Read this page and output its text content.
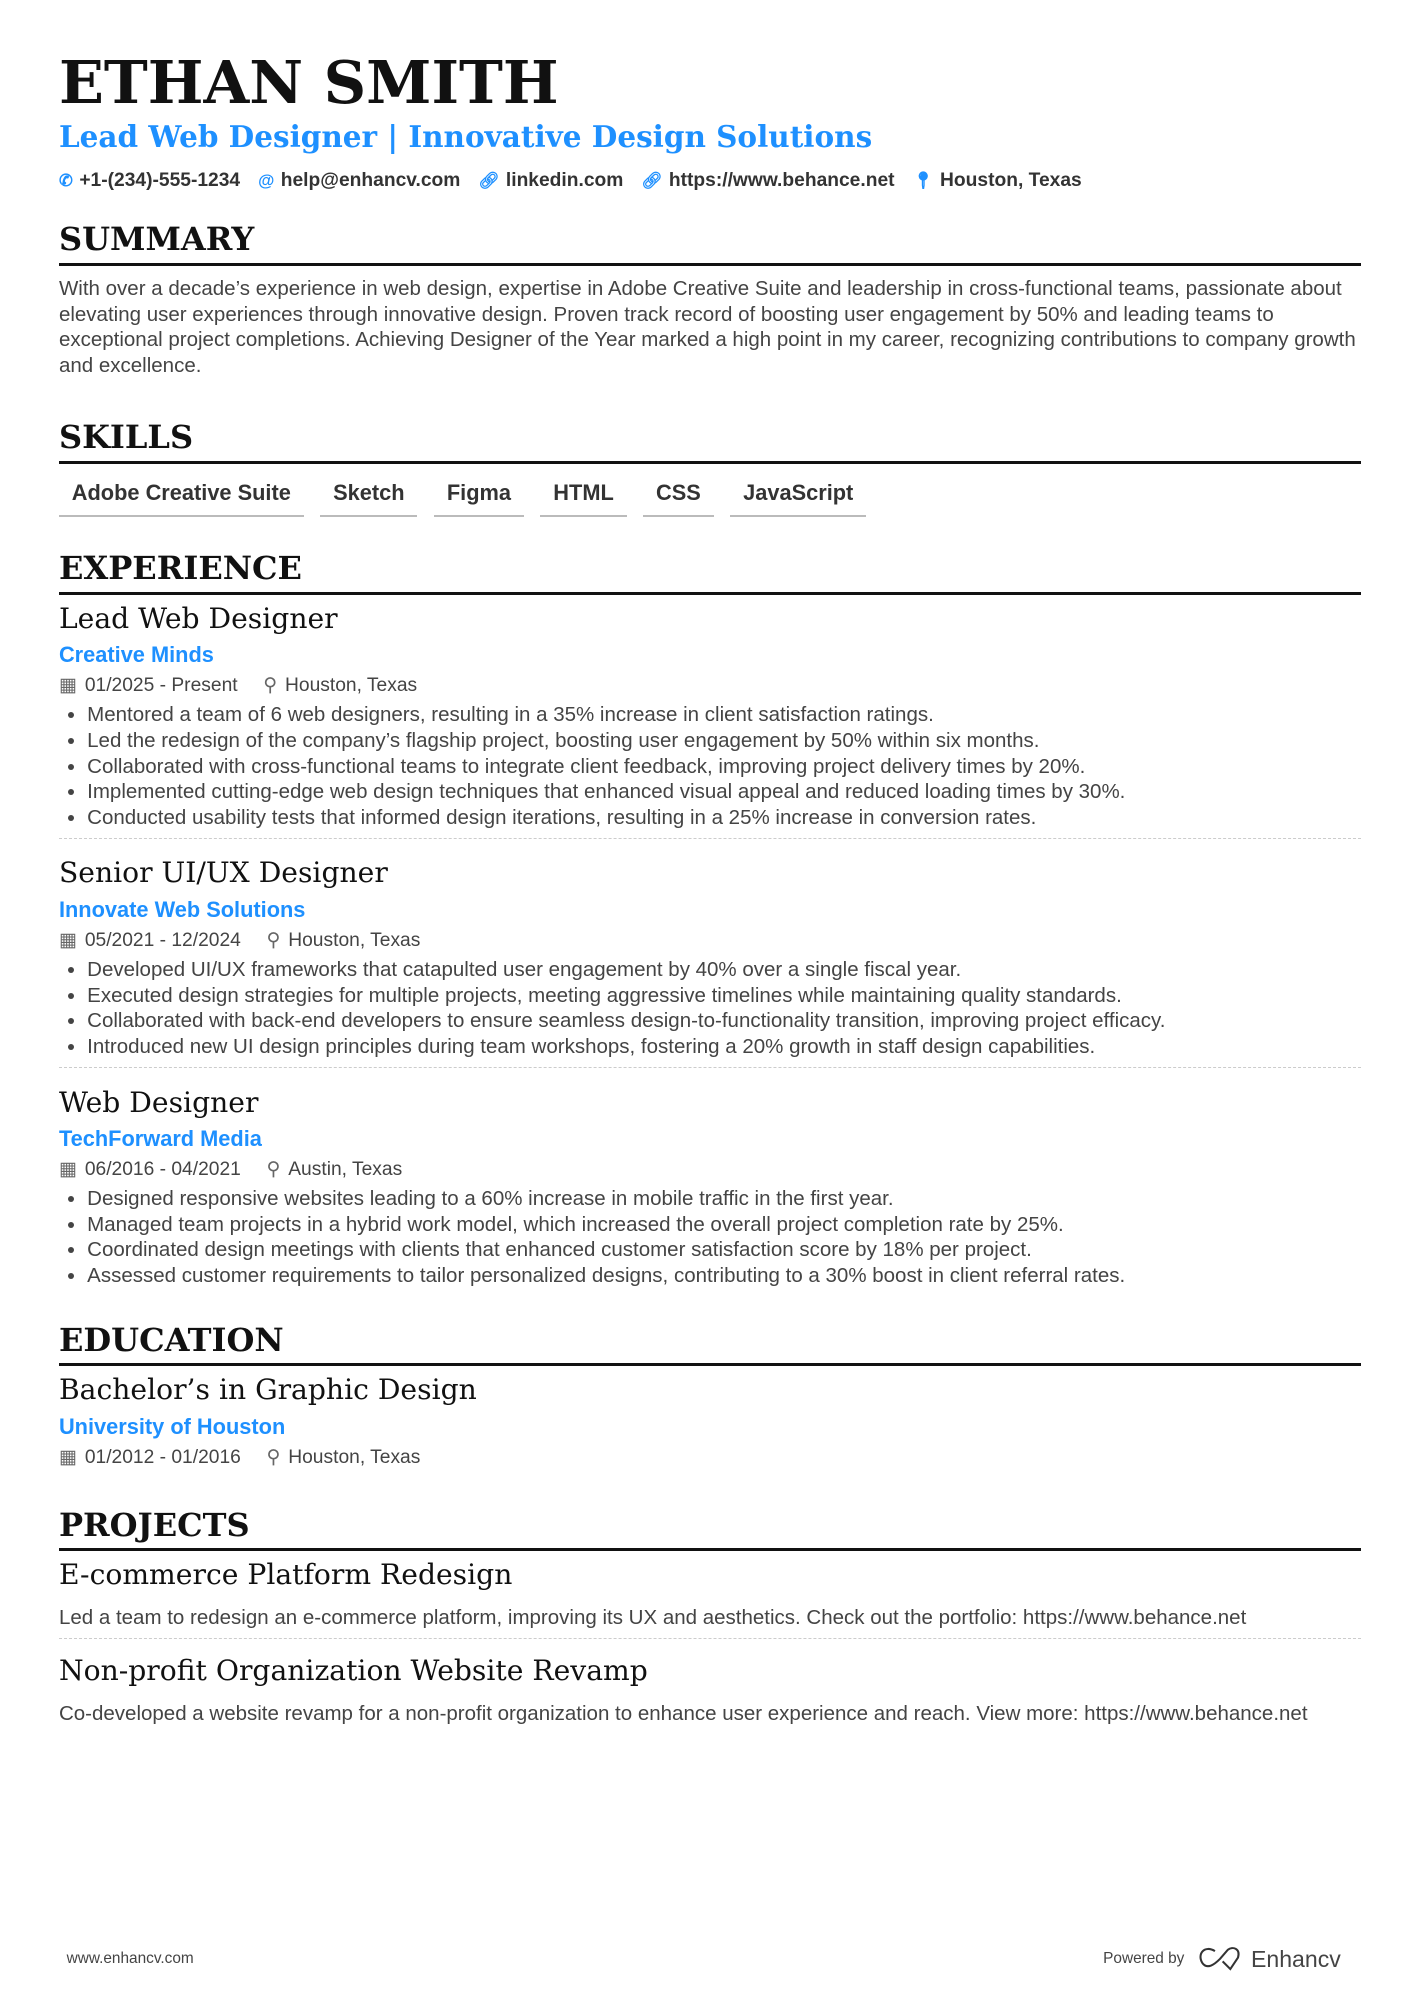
ETHAN SMITH
Lead Web Designer | Innovative Design Solutions
✆ +1-(234)-555-1234 @ help@enhancv.com 🔗︎ linkedin.com 🔗︎ https://www.behance.net 📍︎ Houston, Texas
SUMMARY
With over a decade’s experience in web design, expertise in Adobe Creative Suite and leadership in cross-functional teams, passionate about elevating user experiences through innovative design. Proven track record of boosting user engagement by 50% and leading teams to exceptional project completions. Achieving Designer of the Year marked a high point in my career, recognizing contributions to company growth and excellence.
SKILLS
Adobe Creative Suite	Sketch	Figma	HTML	CSS	JavaScript
EXPERIENCE
Lead Web Designer
Creative Minds
▦ 01/2025 - Present ⚲ Houston, Texas
• Mentored a team of 6 web designers, resulting in a 35% increase in client satisfaction ratings.
• Led the redesign of the company’s flagship project, boosting user engagement by 50% within six months.
• Collaborated with cross-functional teams to integrate client feedback, improving project delivery times by 20%.
• Implemented cutting-edge web design techniques that enhanced visual appeal and reduced loading times by 30%.
• Conducted usability tests that informed design iterations, resulting in a 25% increase in conversion rates.
Senior UI/UX Designer
Innovate Web Solutions
▦ 05/2021 - 12/2024 ⚲ Houston, Texas
• Developed UI/UX frameworks that catapulted user engagement by 40% over a single fiscal year.
• Executed design strategies for multiple projects, meeting aggressive timelines while maintaining quality standards.
• Collaborated with back-end developers to ensure seamless design-to-functionality transition, improving project efficacy.
• Introduced new UI design principles during team workshops, fostering a 20% growth in staff design capabilities.
Web Designer
TechForward Media
▦ 06/2016 - 04/2021 ⚲ Austin, Texas
• Designed responsive websites leading to a 60% increase in mobile traffic in the first year.
• Managed team projects in a hybrid work model, which increased the overall project completion rate by 25%.
• Coordinated design meetings with clients that enhanced customer satisfaction score by 18% per project.
• Assessed customer requirements to tailor personalized designs, contributing to a 30% boost in client referral rates.
EDUCATION
Bachelor’s in Graphic Design
University of Houston
▦ 01/2012 - 01/2016 ⚲ Houston, Texas
PROJECTS
E-commerce Platform Redesign
Led a team to redesign an e-commerce platform, improving its UX and aesthetics. Check out the portfolio: https://www.behance.net
Non-profit Organization Website Revamp
Co-developed a website revamp for a non-profit organization to enhance user experience and reach. View more: https://www.behance.net
www.enhancv.com	Powered by	Enhancv
